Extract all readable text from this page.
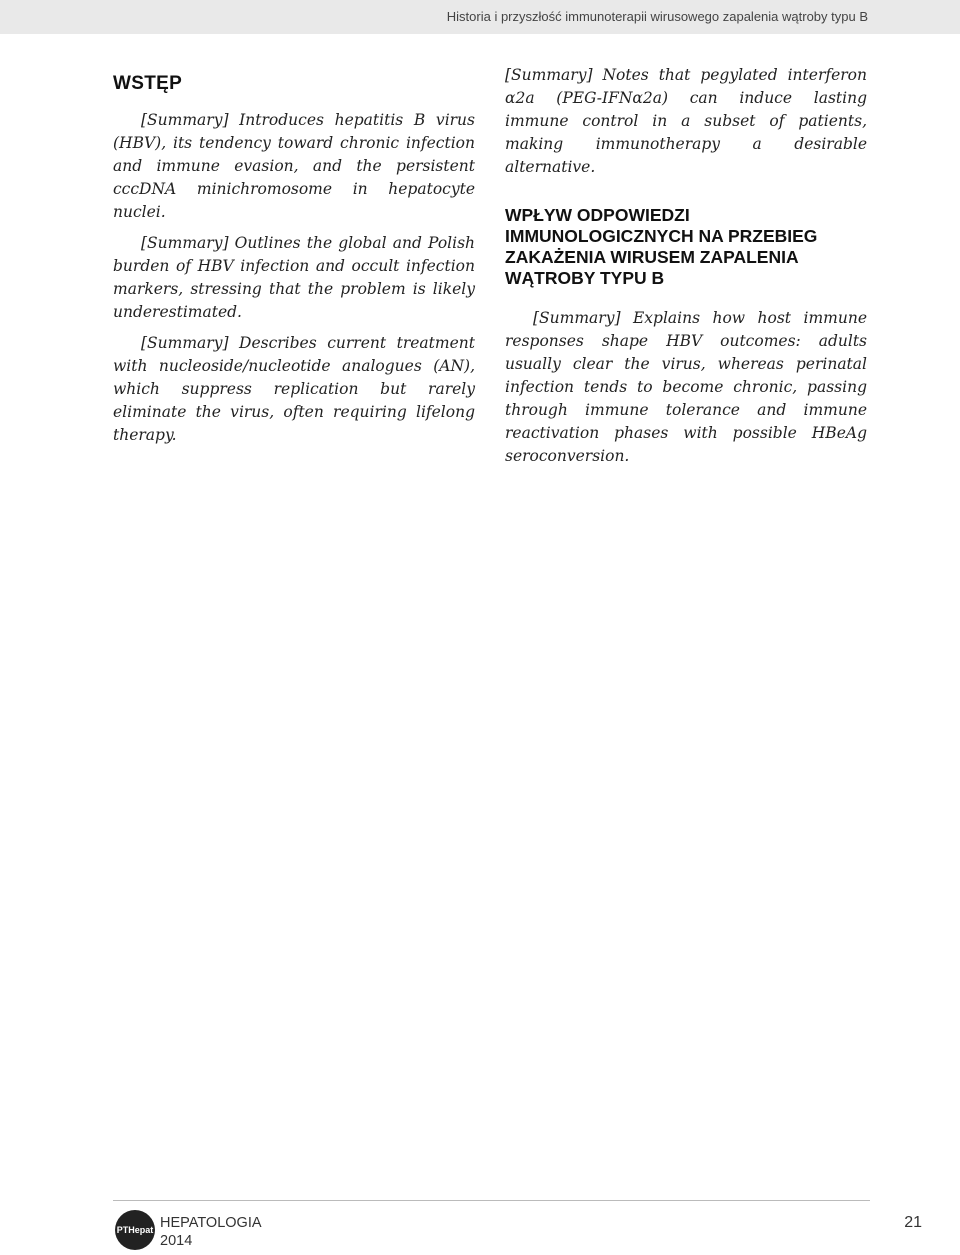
Historia i przyszłość immunoterapii wirusowego zapalenia wątroby typu B
WSTĘP

[Summary] Introduces hepatitis B virus (HBV), its tendency toward chronic infection and immune evasion, and the persistent cccDNA minichromosome in hepatocyte nuclei.

[Summary] Outlines the global and Polish burden of HBV infection and occult infection markers, stressing that the problem is likely underestimated.

[Summary] Describes current treatment with nucleoside/nucleotide analogues (AN), which suppress replication but rarely eliminate the virus, often requiring lifelong therapy.

[Summary] Notes that pegylated interferon α2a (PEG-IFNα2a) can induce lasting immune control in a subset of patients, making immunotherapy a desirable alternative.

WPŁYW ODPOWIEDZI IMMUNOLOGICZNYCH NA PRZEBIEG ZAKAŻENIA WIRUSEM ZAPALENIA WĄTROBY TYPU B

[Summary] Explains how host immune responses shape HBV outcomes: adults usually clear the virus, whereas perinatal infection tends to become chronic, passing through immune tolerance and immune reactivation phases with possible HBeAg seroconversion.

PTHepat HEPATOLOGIA
2014
21
